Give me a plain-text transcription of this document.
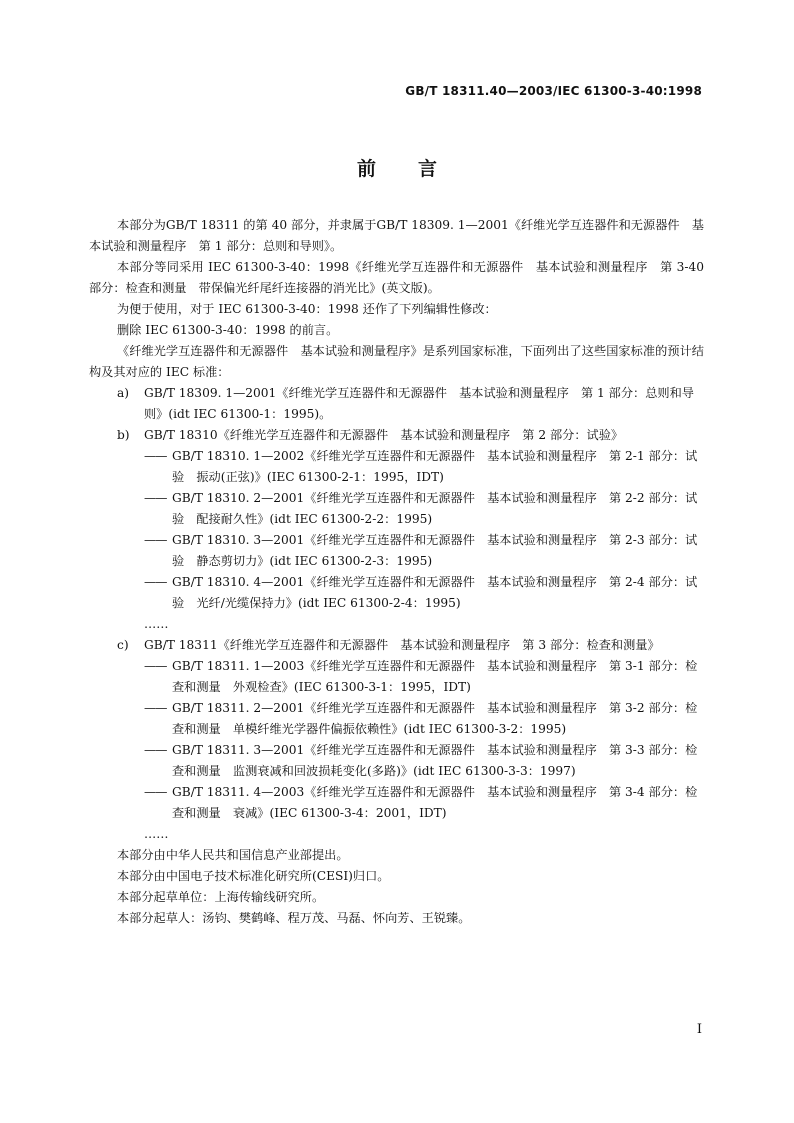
GB/T 18311.40—2003/IEC 61300-3-40:1998
前言

本部分为GB/T 18311 的第 40 部分，并隶属于GB/T 18309. 1—2001《纤维光学互连器件和无源器件　基本试验和测量程序　第 1 部分：总则和导则》。

本部分等同采用 IEC 61300-3-40：1998《纤维光学互连器件和无源器件　基本试验和测量程序　第 3-40 部分：检查和测量　带保偏光纤尾纤连接器的消光比》(英文版)。

为便于使用，对于 IEC 61300-3-40：1998 还作了下列编辑性修改：

删除 IEC 61300-3-40：1998 的前言。

《纤维光学互连器件和无源器件　基本试验和测量程序》是系列国家标准，下面列出了这些国家标准的预计结构及其对应的 IEC 标准：

a) GB/T 18309. 1—2001《纤维光学互连器件和无源器件　基本试验和测量程序　第 1 部分：总则和导则》(idt IEC 61300-1：1995)。
b) GB/T 18310《纤维光学互连器件和无源器件　基本试验和测量程序　第 2 部分：试验》
—— GB/T 18310. 1—2002《纤维光学互连器件和无源器件　基本试验和测量程序　第 2-1 部分：试验　振动(正弦)》(IEC 61300-2-1：1995，IDT)
—— GB/T 18310. 2—2001《纤维光学互连器件和无源器件　基本试验和测量程序　第 2-2 部分：试验　配接耐久性》(idt IEC 61300-2-2：1995)
—— GB/T 18310. 3—2001《纤维光学互连器件和无源器件　基本试验和测量程序　第 2-3 部分：试验　静态剪切力》(idt IEC 61300-2-3：1995)
—— GB/T 18310. 4—2001《纤维光学互连器件和无源器件　基本试验和测量程序　第 2-4 部分：试验　光纤/光缆保持力》(idt IEC 61300-2-4：1995)

……

c) GB/T 18311《纤维光学互连器件和无源器件　基本试验和测量程序　第 3 部分：检查和测量》
—— GB/T 18311. 1—2003《纤维光学互连器件和无源器件　基本试验和测量程序　第 3-1 部分：检查和测量　外观检查》(IEC 61300-3-1：1995，IDT)
—— GB/T 18311. 2—2001《纤维光学互连器件和无源器件　基本试验和测量程序　第 3-2 部分：检查和测量　单模纤维光学器件偏振依赖性》(idt IEC 61300-3-2：1995)
—— GB/T 18311. 3—2001《纤维光学互连器件和无源器件　基本试验和测量程序　第 3-3 部分：检查和测量　监测衰减和回波损耗变化(多路)》(idt IEC 61300-3-3：1997)
—— GB/T 18311. 4—2003《纤维光学互连器件和无源器件　基本试验和测量程序　第 3-4 部分：检查和测量　衰减》(IEC 61300-3-4：2001，IDT)

……

本部分由中华人民共和国信息产业部提出。

本部分由中国电子技术标准化研究所(CESI)归口。

本部分起草单位：上海传输线研究所。

本部分起草人：汤钧、樊鹤峰、程万茂、马磊、怀向芳、王锐臻。

I
